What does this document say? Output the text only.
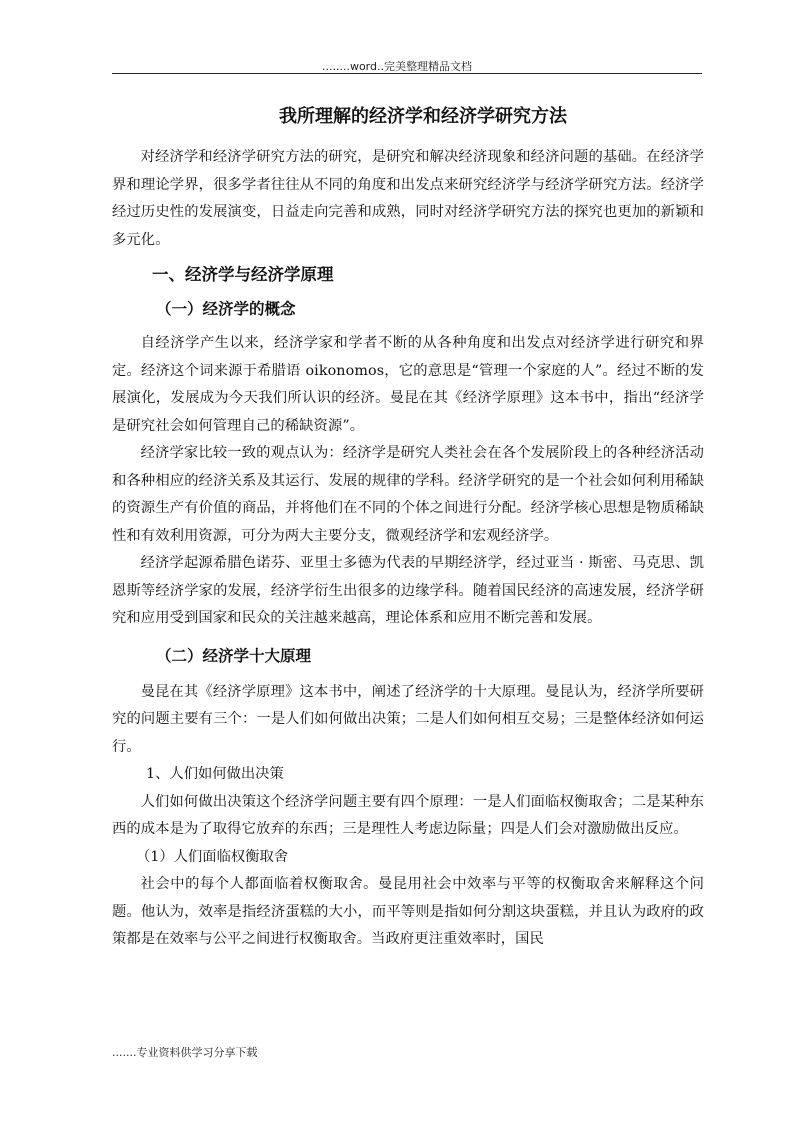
........word..完美整理精品文档
我所理解的经济学和经济学研究方法

对经济学和经济学研究方法的研究，是研究和解决经济现象和经济问题的基础。在经济学界和理论学界，很多学者往往从不同的角度和出发点来研究经济学与经济学研究方法。经济学经过历史性的发展演变，日益走向完善和成熟，同时对经济学研究方法的探究也更加的新颖和多元化。

一、经济学与经济学原理
（一）经济学的概念

自经济学产生以来，经济学家和学者不断的从各种角度和出发点对经济学进行研究和界定。经济这个词来源于希腊语 oikonomos，它的意思是“管理一个家庭的人”。经过不断的发展演化，发展成为今天我们所认识的经济。曼昆在其《经济学原理》这本书中，指出“经济学是研究社会如何管理自己的稀缺资源”。

经济学家比较一致的观点认为：经济学是研究人类社会在各个发展阶段上的各种经济活动和各种相应的经济关系及其运行、发展的规律的学科。经济学研究的是一个社会如何利用稀缺的资源生产有价值的商品，并将他们在不同的个体之间进行分配。经济学核心思想是物质稀缺性和有效利用资源，可分为两大主要分支，微观经济学和宏观经济学。

经济学起源希腊色诺芬、亚里士多德为代表的早期经济学，经过亚当 · 斯密、马克思、凯恩斯等经济学家的发展，经济学衍生出很多的边缘学科。随着国民经济的高速发展，经济学研究和应用受到国家和民众的关注越来越高，理论体系和应用不断完善和发展。

（二）经济学十大原理

曼昆在其《经济学原理》这本书中，阐述了经济学的十大原理。曼昆认为，经济学所要研究的问题主要有三个：一是人们如何做出决策；二是人们如何相互交易；三是整体经济如何运行。

1、人们如何做出决策

人们如何做出决策这个经济学问题主要有四个原理：一是人们面临权衡取舍；二是某种东西的成本是为了取得它放弃的东西；三是理性人考虑边际量；四是人们会对激励做出反应。

（1）人们面临权衡取舍

社会中的每个人都面临着权衡取舍。曼昆用社会中效率与平等的权衡取舍来解释这个问题。他认为，效率是指经济蛋糕的大小，而平等则是指如何分割这块蛋糕，并且认为政府的政策都是在效率与公平之间进行权衡取舍。当政府更注重效率时，国民

.......专业资料供学习分享下载
